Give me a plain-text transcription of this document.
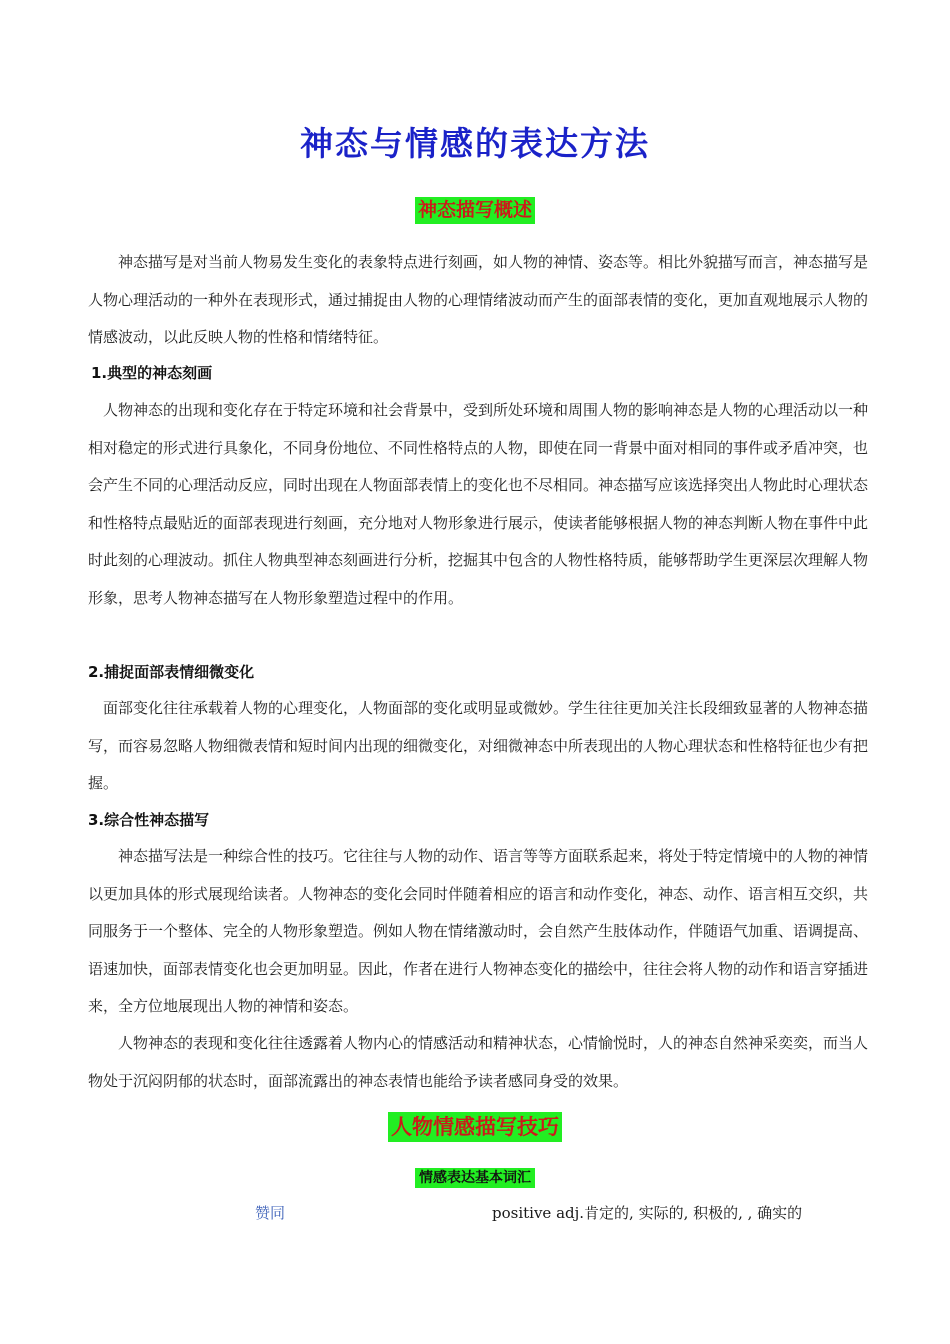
神态与情感的表达方法
神态描写概述

神态描写是对当前人物易发生变化的表象特点进行刻画，如人物的神情、姿态等。相比外貌描写而言，神态描写是人物心理活动的一种外在表现形式，通过捕捉由人物的心理情绪波动而产生的面部表情的变化，更加直观地展示人物的情感波动，以此反映人物的性格和情绪特征。

1.典型的神态刻画

人物神态的出现和变化存在于特定环境和社会背景中，受到所处环境和周围人物的影响神态是人物的心理活动以一种相对稳定的形式进行具象化，不同身份地位、不同性格特点的人物，即使在同一背景中面对相同的事件或矛盾冲突，也会产生不同的心理活动反应，同时出现在人物面部表情上的变化也不尽相同。神态描写应该选择突出人物此时心理状态和性格特点最贴近的面部表现进行刻画，充分地对人物形象进行展示，使读者能够根据人物的神态判断人物在事件中此时此刻的心理波动。抓住人物典型神态刻画进行分析，挖掘其中包含的人物性格特质，能够帮助学生更深层次理解人物形象，思考人物神态描写在人物形象塑造过程中的作用。

2.捕捉面部表情细微变化

面部变化往往承载着人物的心理变化，人物面部的变化或明显或微妙。学生往往更加关注长段细致显著的人物神态描写，而容易忽略人物细微表情和短时间内出现的细微变化，对细微神态中所表现出的人物心理状态和性格特征也少有把握。

3.综合性神态描写

神态描写法是一种综合性的技巧。它往往与人物的动作、语言等等方面联系起来，将处于特定情境中的人物的神情以更加具体的形式展现给读者。人物神态的变化会同时伴随着相应的语言和动作变化，神态、动作、语言相互交织，共同服务于一个整体、完全的人物形象塑造。例如人物在情绪激动时，会自然产生肢体动作，伴随语气加重、语调提高、语速加快，面部表情变化也会更加明显。因此，作者在进行人物神态变化的描绘中，往往会将人物的动作和语言穿插进来，全方位地展现出人物的神情和姿态。

人物神态的表现和变化往往透露着人物内心的情感活动和精神状态，心情愉悦时，人的神态自然神采奕奕，而当人物处于沉闷阴郁的状态时，面部流露出的神态表情也能给予读者感同身受的效果。

人物情感描写技巧
情感表达基本词汇
赞同	positive adj.肯定的, 实际的, 积极的, , 确实的
